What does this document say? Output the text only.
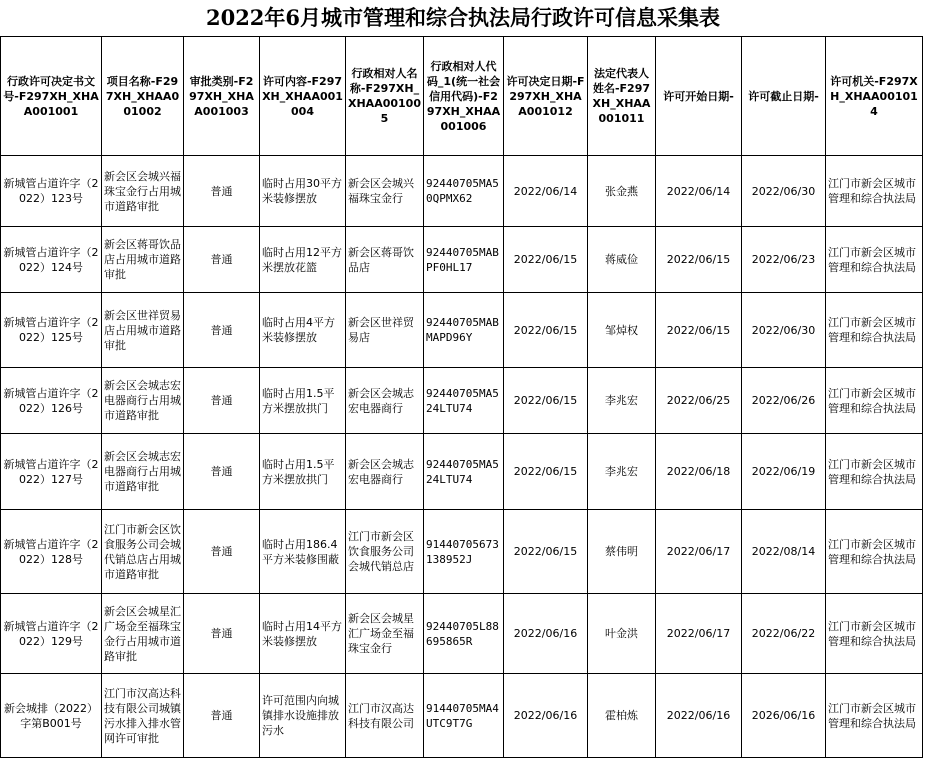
2022年6月城市管理和综合执法局行政许可信息采集表
行政许可决定书文号-F297XH_XHAA001001	项目名称-F297XH_XHAA001002	审批类别-F297XH_XHAA001003	许可内容-F297XH_XHAA001004	行政相对人名称-F297XH_XHAA001005	行政相对人代码_1(统一社会信用代码)-F297XH_XHAA001006	许可决定日期-F297XH_XHAA001012	法定代表人姓名-F297XH_XHAA001011	许可开始日期-	许可截止日期-	许可机关-F297XH_XHAA001014
新城管占道许字（2022）123号	新会区会城兴福珠宝金行占用城市道路审批	普通	临时占用30平方米装修摆放	新会区会城兴福珠宝金行	92440705MA50QPMX62	2022/06/14	张金燕	2022/06/14	2022/06/30	江门市新会区城市管理和综合执法局
新城管占道许字（2022）124号	新会区蒋哥饮品店占用城市道路审批	普通	临时占用12平方米摆放花篮	新会区蒋哥饮品店	92440705MABPF0HL17	2022/06/15	蒋威俭	2022/06/15	2022/06/23	江门市新会区城市管理和综合执法局
新城管占道许字（2022）125号	新会区世祥贸易店占用城市道路审批	普通	临时占用4平方米装修摆放	新会区世祥贸易店	92440705MABMAPD96Y	2022/06/15	邹焯权	2022/06/15	2022/06/30	江门市新会区城市管理和综合执法局
新城管占道许字（2022）126号	新会区会城志宏电器商行占用城市道路审批	普通	临时占用1.5平方米摆放拱门	新会区会城志宏电器商行	92440705MA524LTU74	2022/06/15	李兆宏	2022/06/25	2022/06/26	江门市新会区城市管理和综合执法局
新城管占道许字（2022）127号	新会区会城志宏电器商行占用城市道路审批	普通	临时占用1.5平方米摆放拱门	新会区会城志宏电器商行	92440705MA524LTU74	2022/06/15	李兆宏	2022/06/18	2022/06/19	江门市新会区城市管理和综合执法局
新城管占道许字（2022）128号	江门市新会区饮食服务公司会城代销总店占用城市道路审批	普通	临时占用186.4平方米装修围蔽	江门市新会区饮食服务公司会城代销总店	91440705673138952J	2022/06/15	蔡伟明	2022/06/17	2022/08/14	江门市新会区城市管理和综合执法局
新城管占道许字（2022）129号	新会区会城星汇广场金至福珠宝金行占用城市道路审批	普通	临时占用14平方米装修摆放	新会区会城星汇广场金至福珠宝金行	92440705L88695865R	2022/06/16	叶金洪	2022/06/17	2022/06/22	江门市新会区城市管理和综合执法局
新会城排（2022）字第B001号	江门市汉高达科技有限公司城镇污水排入排水管网许可审批	普通	许可范围内向城镇排水设施排放污水	江门市汉高达科技有限公司	91440705MA4UTC9T7G	2022/06/16	霍柏炼	2022/06/16	2026/06/16	江门市新会区城市管理和综合执法局
